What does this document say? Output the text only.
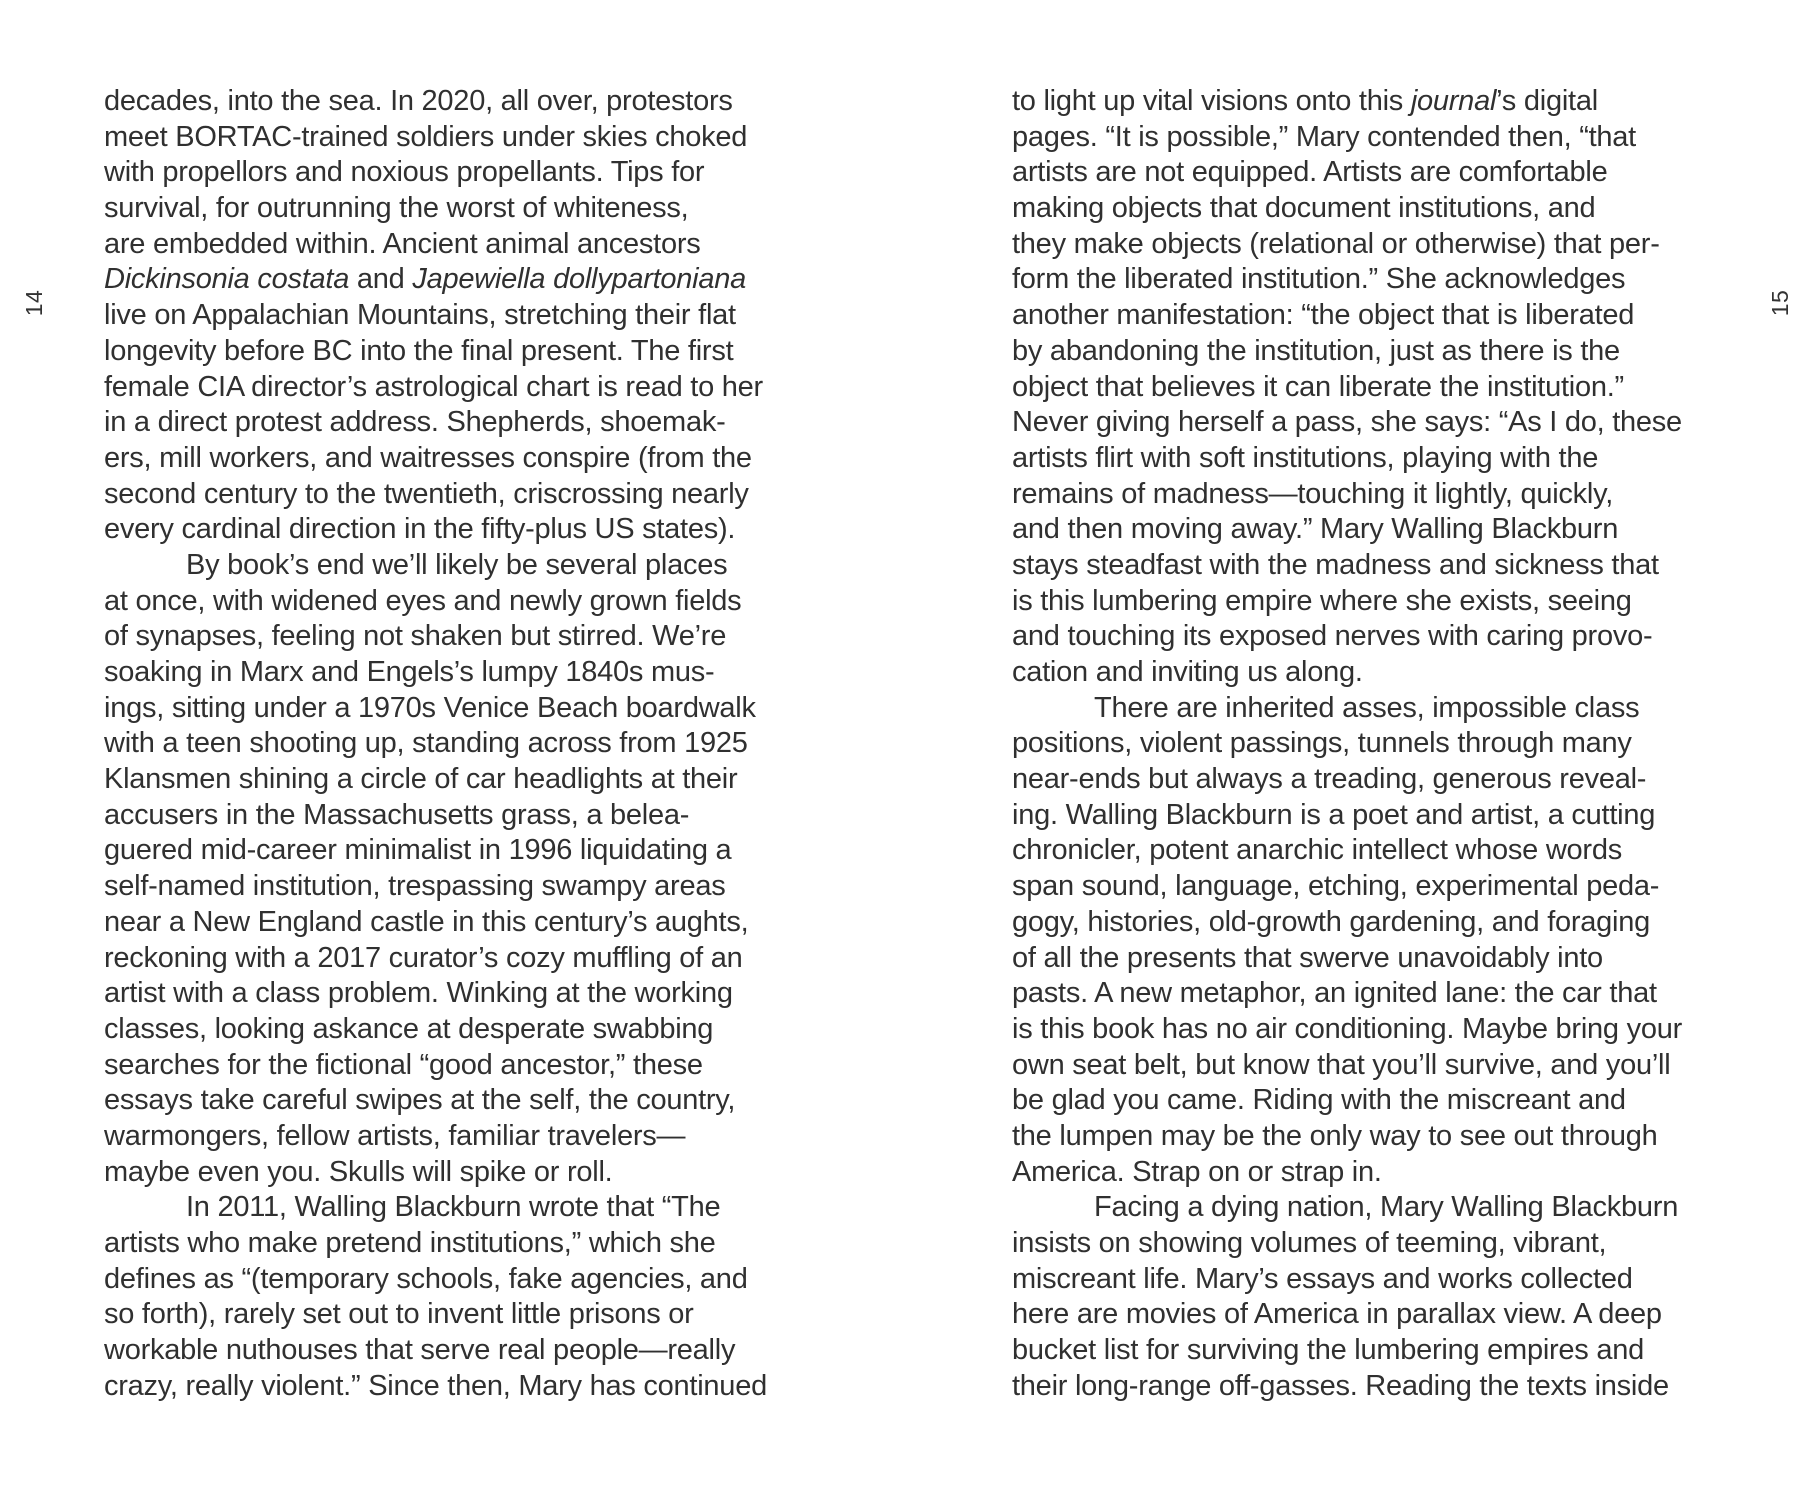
14
decades, into the sea. In 2020, all over, protestors
meet BORTAC-trained soldiers under skies choked
with propellors and noxious propellants. Tips for
survival, for outrunning the worst of whiteness,
are embedded within. Ancient animal ancestors
Dickinsonia costata and Japewiella dollypartoniana
live on Appalachian Mountains, stretching their flat
longevity before BC into the final present. The first
female CIA director’s astrological chart is read to her
in a direct protest address. Shepherds, shoemak-
ers, mill workers, and waitresses conspire (from the
second century to the twentieth, criscrossing nearly
every cardinal direction in the fifty-plus US states).
By book’s end we’ll likely be several places
at once, with widened eyes and newly grown fields
of synapses, feeling not shaken but stirred. We’re
soaking in Marx and Engels’s lumpy 1840s mus-
ings, sitting under a 1970s Venice Beach boardwalk
with a teen shooting up, standing across from 1925
Klansmen shining a circle of car headlights at their
accusers in the Massachusetts grass, a belea-
guered mid-career minimalist in 1996 liquidating a
self-named institution, trespassing swampy areas
near a New England castle in this century’s aughts,
reckoning with a 2017 curator’s cozy muffling of an
artist with a class problem. Winking at the working
classes, looking askance at desperate swabbing
searches for the fictional “good ancestor,” these
essays take careful swipes at the self, the country,
warmongers, fellow artists, familiar travelers—
maybe even you. Skulls will spike or roll.
In 2011, Walling Blackburn wrote that “The
artists who make pretend institutions,” which she
defines as “(temporary schools, fake agencies, and
so forth), rarely set out to invent little prisons or
workable nuthouses that serve real people—really
crazy, really violent.” Since then, Mary has continued
to light up vital visions onto this journal’s digital
pages. “It is possible,” Mary contended then, “that
artists are not equipped. Artists are comfortable
making objects that document institutions, and
they make objects (relational or otherwise) that per-
form the liberated institution.” She acknowledges
another manifestation: “the object that is liberated
by abandoning the institution, just as there is the
object that believes it can liberate the institution.”
Never giving herself a pass, she says: “As I do, these
artists flirt with soft institutions, playing with the
remains of madness—touching it lightly, quickly,
and then moving away.” Mary Walling Blackburn
stays steadfast with the madness and sickness that
is this lumbering empire where she exists, seeing
and touching its exposed nerves with caring provo-
cation and inviting us along.
There are inherited asses, impossible class
positions, violent passings, tunnels through many
near-ends but always a treading, generous reveal-
ing. Walling Blackburn is a poet and artist, a cutting
chronicler, potent anarchic intellect whose words
span sound, language, etching, experimental peda-
gogy, histories, old-growth gardening, and foraging
of all the presents that swerve unavoidably into
pasts. A new metaphor, an ignited lane: the car that
is this book has no air conditioning. Maybe bring your
own seat belt, but know that you’ll survive, and you’ll
be glad you came. Riding with the miscreant and
the lumpen may be the only way to see out through
America. Strap on or strap in.
Facing a dying nation, Mary Walling Blackburn
insists on showing volumes of teeming, vibrant,
miscreant life. Mary’s essays and works collected
here are movies of America in parallax view. A deep
bucket list for surviving the lumbering empires and
their long-range off-gasses. Reading the texts inside
15
